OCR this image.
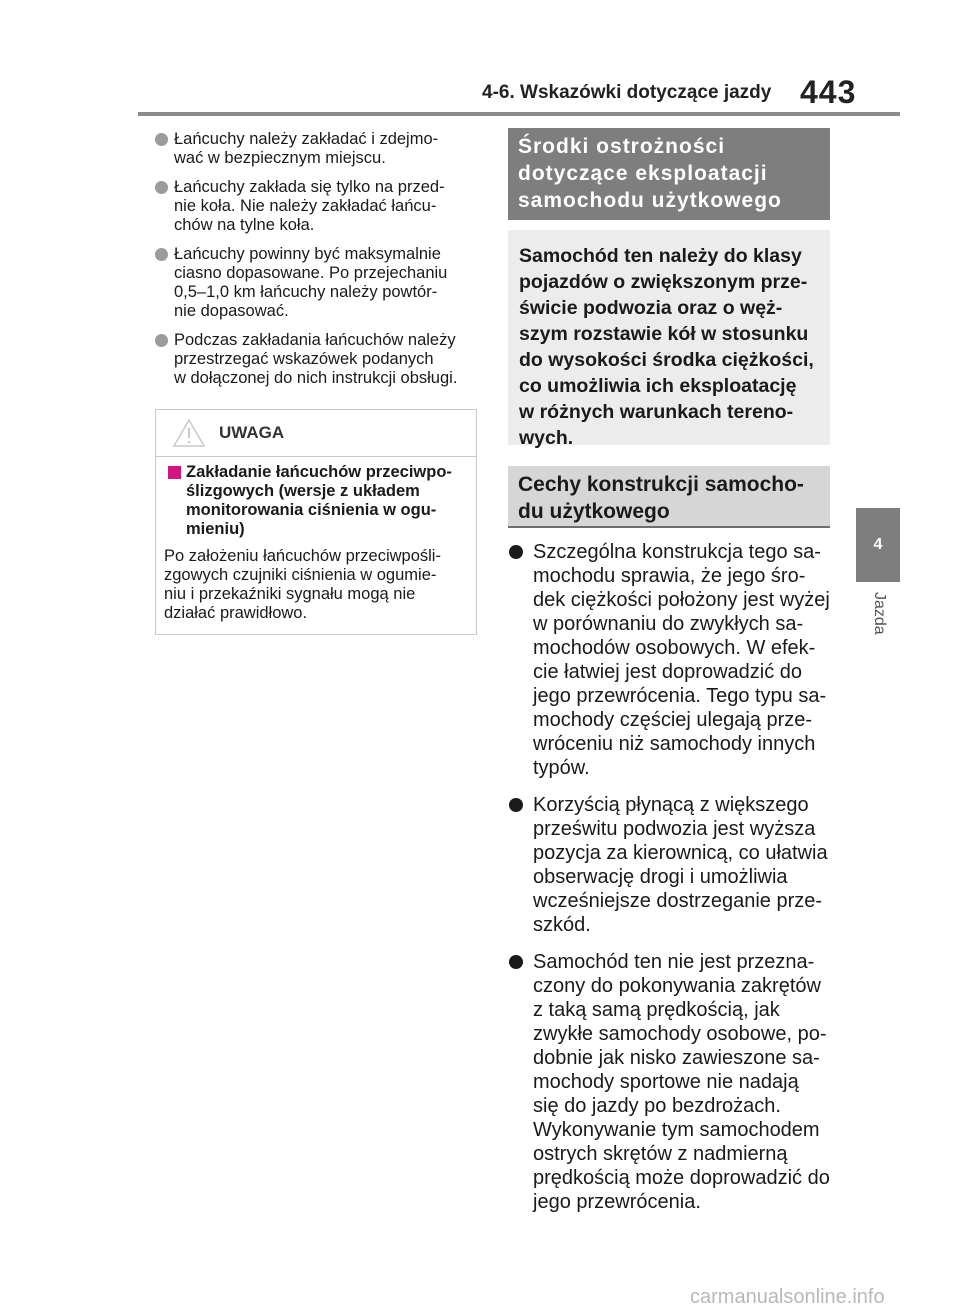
4-6. Wskazówki dotyczące jazdy 443
Łańcuchy należy zakładać i zdejmo-
wać w bezpiecznym miejscu.
Łańcuchy zakłada się tylko na przed-
nie koła. Nie należy zakładać łańcu-
chów na tylne koła.
Łańcuchy powinny być maksymalnie
ciasno dopasowane. Po przejechaniu
0,5–1,0 km łańcuchy należy powtór-
nie dopasować.
Podczas zakładania łańcuchów należy
przestrzegać wskazówek podanych
w dołączonej do nich instrukcji obsługi.
UWAGA
Zakładanie łańcuchów przeciwpo-
ślizgowych (wersje z układem
monitorowania ciśnienia w ogu-
mieniu)
Po założeniu łańcuchów przeciwpośli-
zgowych czujniki ciśnienia w ogumie-
niu i przekaźniki sygnału mogą nie
działać prawidłowo.
Środki ostrożności
dotyczące eksploatacji
samochodu użytkowego
Samochód ten należy do klasy
pojazdów o zwiększonym prze-
świcie podwozia oraz o węż-
szym rozstawie kół w stosunku
do wysokości środka ciężkości,
co umożliwia ich eksploatację
w różnych warunkach tereno-
wych.
Cechy konstrukcji samocho-
du użytkowego
Szczególna konstrukcja tego sa-
mochodu sprawia, że jego śro-
dek ciężkości położony jest wyżej
w porównaniu do zwykłych sa-
mochodów osobowych. W efek-
cie łatwiej jest doprowadzić do
jego przewrócenia. Tego typu sa-
mochody częściej ulegają prze-
wróceniu niż samochody innych
typów.
Korzyścią płynącą z większego
prześwitu podwozia jest wyższa
pozycja za kierownicą, co ułatwia
obserwację drogi i umożliwia
wcześniejsze dostrzeganie prze-
szkód.
Samochód ten nie jest przezna-
czony do pokonywania zakrętów
z taką samą prędkością, jak
zwykłe samochody osobowe, po-
dobnie jak nisko zawieszone sa-
mochody sportowe nie nadają
się do jazdy po bezdrożach.
Wykonywanie tym samochodem
ostrych skrętów z nadmierną
prędkością może doprowadzić do
jego przewrócenia.
4
Jazda
carmanualsonline.info
